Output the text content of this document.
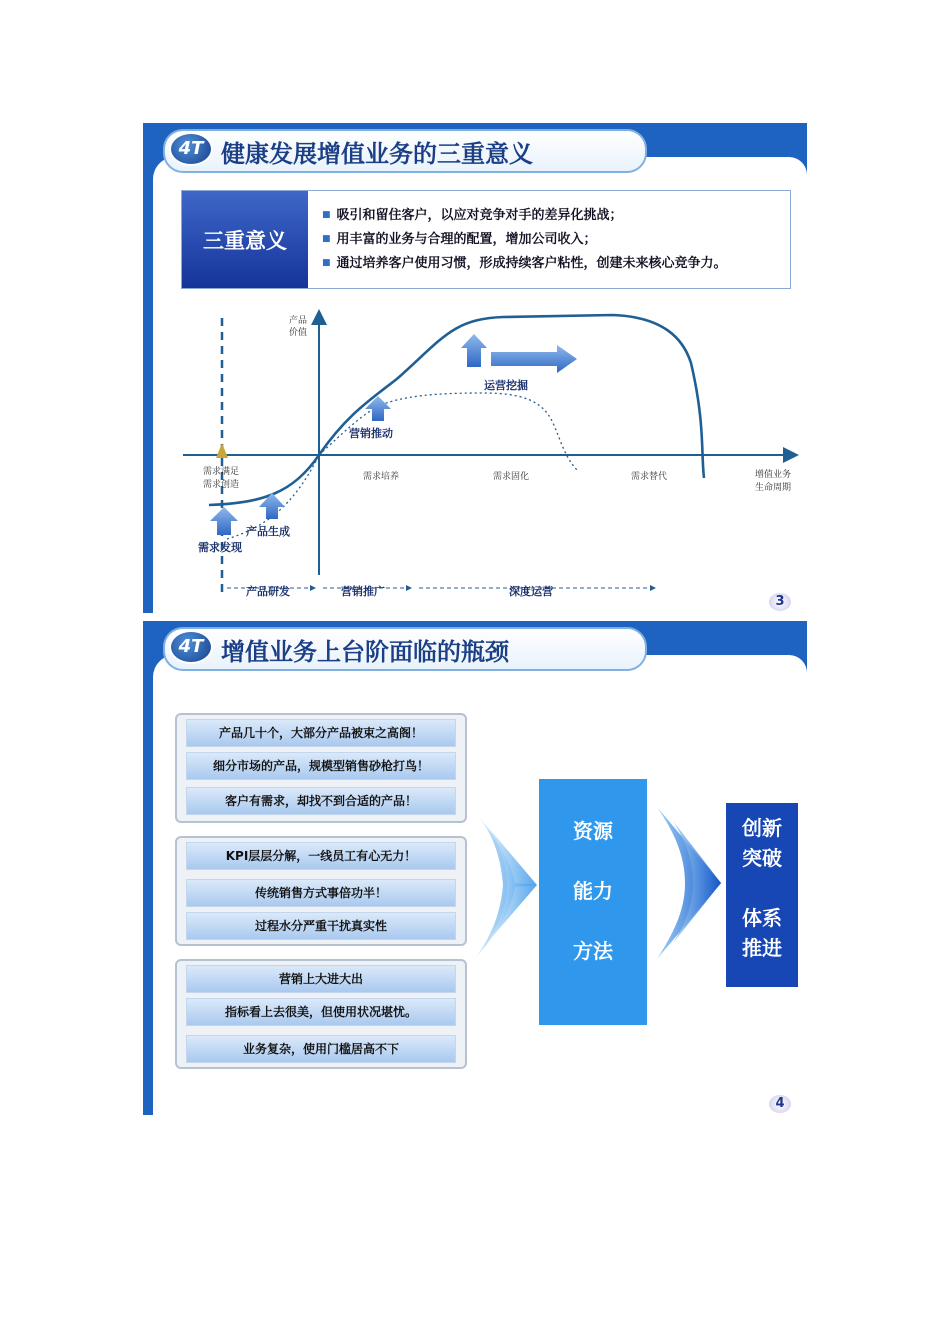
4T 健康发展增值业务的三重意义
三重意义
■ 吸引和留住客户，以应对竞争对手的差异化挑战；
■ 用丰富的业务与合理的配置，增加公司收入；
■ 通过培养客户使用习惯，形成持续客户粘性，创建未来核心竞争力。
产品
价值
增值业务
生命周期
需求满足
需求创造
需求培养	需求固化	需求替代
需求发现
产品生成
营销推动
运营挖掘
产品研发	营销推广	深度运营
3
4T 增值业务上台阶面临的瓶颈
产品几十个，大部分产品被束之高阁！
细分市场的产品，规模型销售砂枪打鸟！
客户有需求，却找不到合适的产品！
KPI层层分解，一线员工有心无力！
传统销售方式事倍功半！
过程水分严重干扰真实性
营销上大进大出
指标看上去很美，但使用状况堪忧。
业务复杂，使用门槛居高不下
资源
能力
方法
创新
突破
体系
推进
4
